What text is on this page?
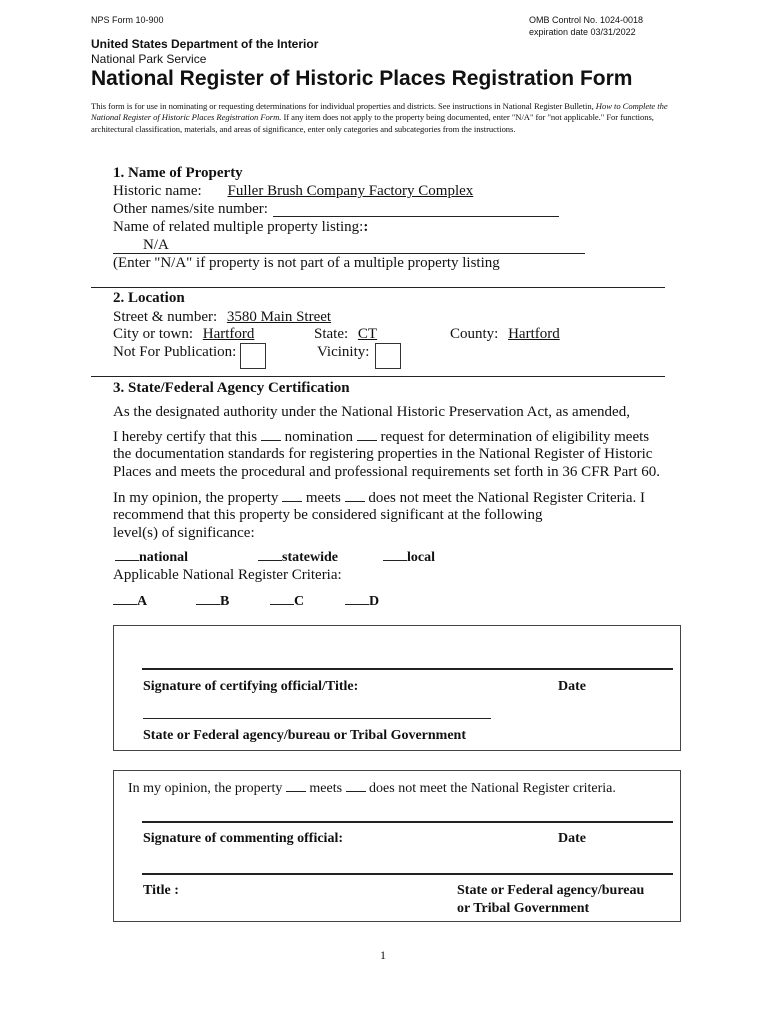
NPS Form 10-900	OMB Control No. 1024-0018
expiration date 03/31/2022
United States Department of the Interior
National Park Service
National Register of Historic Places Registration Form
This form is for use in nominating or requesting determinations for individual properties and districts. See instructions in National Register Bulletin, How to Complete the National Register of Historic Places Registration Form. If any item does not apply to the property being documented, enter "N/A" for "not applicable." For functions, architectural classification, materials, and areas of significance, enter only categories and subcategories from the instructions.
1. Name of Property
Historic name: Fuller Brush Company Factory Complex
Other names/site number:
Name of related multiple property listing::
N/A
(Enter "N/A" if property is not part of a multiple property listing
2. Location
Street & number: 3580 Main Street
City or town: Hartford	State: CT	County: Hartford
Not For Publication:	Vicinity:
3. State/Federal Agency Certification
As the designated authority under the National Historic Preservation Act, as amended,
I hereby certify that this nomination request for determination of eligibility meets
the documentation standards for registering properties in the National Register of Historic
Places and meets the procedural and professional requirements set forth in 36 CFR Part 60.
In my opinion, the property meets does not meet the National Register Criteria. I
recommend that this property be considered significant at the following
level(s) of significance:
national	statewide	local
Applicable National Register Criteria:
A	B	C	D
Signature of certifying official/Title:	Date
State or Federal agency/bureau or Tribal Government
In my opinion, the property meets does not meet the National Register criteria.
Signature of commenting official:	Date
Title :	State or Federal agency/bureau
or Tribal Government
1
